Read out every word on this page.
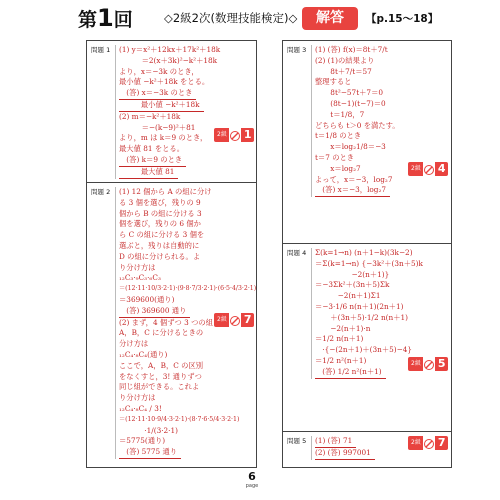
第1回	◇2級2次(数理技能検定)◇	解答	【p.15～18】
問題 1 (1) y＝x²＋12kx＋17k²＋18k
　　＝2(x＋3k)²−k²＋18k
より，x＝−3k のとき，
最小値 −k²＋18k をとる。
　(答) x＝−3k のとき
　　　最小値 −k²＋18k
(2) m＝−k²＋18k
　　＝−(k−9)²＋81
より，m は k＝9 のとき，
最大値 81 をとる。
　(答) k＝9 のとき
　　　最大値 81
問題 2 (1) 12 個から A の組に分け
る 3 個を選び，残りの 9
個から B の組に分ける 3
個を選び，残りの 6 個か
ら C の組に分ける 3 個を
選ぶと，残りは自動的に
D の組に分けられる。よ
り分け方は
₁₂C₃·₉C₃·₆C₃
＝(12·11·10/3·2·1)·(9·8·7/3·2·1)·(6·5·4/3·2·1)
＝369600(通り)
　(答) 369600 通り
(2) まず，4 個ずつ 3 つの組
A，B，C に分けるときの
分け方は
₁₂C₄·₈C₄(通り)
ここで，A，B，C の区別
をなくすと，3! 通りずつ
同じ組ができる。これよ
り分け方は
₁₂C₄·₈C₄ / 3!
＝(12·11·10·9/4·3·2·1)·(8·7·6·5/4·3·2·1)
　·1/(3·2·1)
＝5775(通り)
　(答) 5775 通り
問題 3 (1) (答) f(x)＝8t＋7/t
(2) (1)の結果より
　8t＋7/t＝57
整理すると
　8t²−57t＋7＝0
　(8t−1)(t−7)＝0
　t＝1/8，7
どちらも t＞0 を満たす。
t＝1/8 のとき
　x＝log₂1/8＝−3
t＝7 のとき
　x＝log₂7
よって，x＝−3，log₂7
　(答) x＝−3，log₂7
問題 4 Σ(k=1→n) (n＋1−k)(3k−2)
＝Σ(k=1→n) {−3k²＋(3n＋5)k
　　　　　−2(n＋1)}
＝−3Σk²＋(3n＋5)Σk
　　−2(n＋1)Σ1
＝−3·1/6 n(n＋1)(2n＋1)
　＋(3n＋5)·1/2 n(n＋1)
　−2(n＋1)·n
＝1/2 n(n＋1)
　·{−(2n＋1)＋(3n＋5)−4}
＝1/2 n²(n＋1)
　(答) 1/2 n²(n＋1)
問題 5 (1) (答) 71
(2) (答) 997001
2級 1
2級 7
2級 4
2級 5
2級 7
6
page
